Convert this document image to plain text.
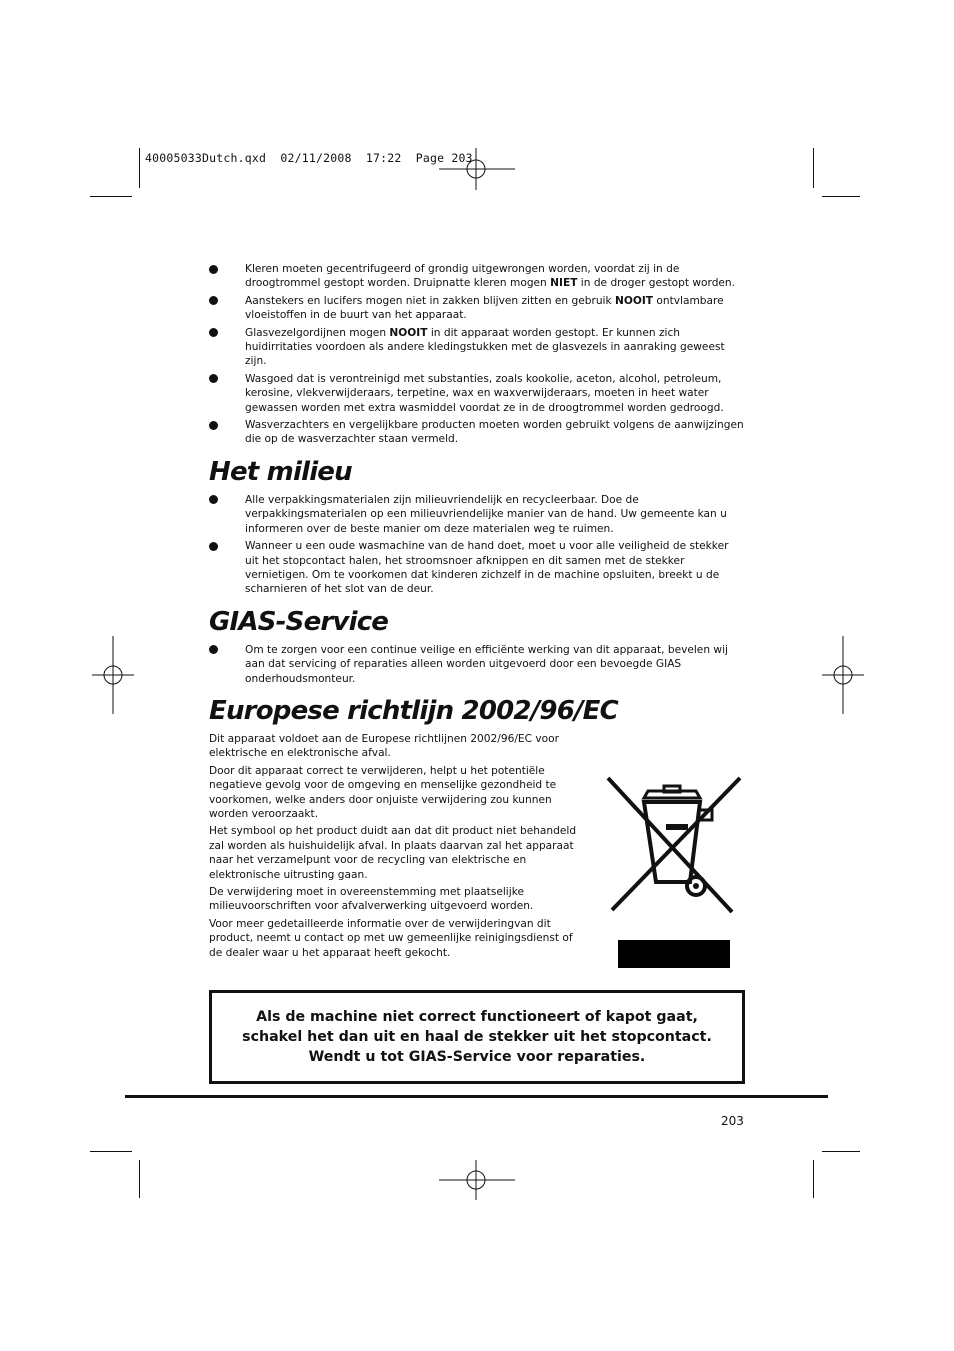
40005033Dutch.qxd  02/11/2008  17:22  Page 203
Kleren moeten gecentrifugeerd of grondig uitgewrongen worden, voordat zij in de droogtrommel gestopt worden. Druipnatte kleren mogen NIET in de droger gestopt worden.
Aanstekers en lucifers mogen niet in zakken blijven zitten en gebruik NOOIT ontvlambare vloeistoffen in de buurt van het apparaat.
Glasvezelgordijnen mogen NOOIT in dit apparaat worden gestopt. Er kunnen zich huidirritaties voordoen als andere kledingstukken met de glasvezels in aanraking geweest zijn.
Wasgoed dat is verontreinigd met substanties, zoals kookolie, aceton, alcohol, petroleum, kerosine, vlekverwijderaars, terpetine, wax en waxverwijderaars, moeten in heet water gewassen worden met extra wasmiddel voordat ze in de droogtrommel worden gedroogd.
Wasverzachters en vergelijkbare producten moeten worden gebruikt volgens de aanwijzingen die op de wasverzachter staan vermeld.
Het milieu
Alle verpakkingsmaterialen zijn milieuvriendelijk en recycleerbaar. Doe de verpakkingsmaterialen op een milieuvriendelijke manier van de hand. Uw gemeente kan u informeren over de beste manier om deze materialen weg te ruimen.
Wanneer u een oude wasmachine van de hand doet, moet u voor alle veiligheid de stekker uit het stopcontact halen, het stroomsnoer afknippen en dit samen met de stekker vernietigen. Om te voorkomen dat kinderen zichzelf in de machine opsluiten, breekt u de scharnieren of het slot van de deur.
GIAS-Service
Om te zorgen voor een continue veilige en efficiënte werking van dit apparaat, bevelen wij aan dat servicing of reparaties alleen worden uitgevoerd door een bevoegde GIAS onderhoudsmonteur.
Europese richtlijn 2002/96/EC

Dit apparaat voldoet aan de Europese richtlijnen 2002/96/EC voor elektrische en elektronische afval.

Door dit apparaat correct te verwijderen, helpt u het potentiële negatieve gevolg voor de omgeving en menselijke gezondheid te voorkomen, welke anders door onjuiste verwijdering zou kunnen worden veroorzaakt.

Het symbool op het product duidt aan dat dit product niet behandeld zal worden als huishuidelijk afval. In plaats daarvan zal het apparaat naar het verzamelpunt voor de recycling van elektrische en elektronische uitrusting gaan.

De verwijdering moet in overeenstemming met plaatselijke milieuvoorschriften voor afvalverwerking uitgevoerd worden.

Voor meer gedetailleerde informatie over de verwijderingvan dit product, neemt u contact op met uw gemeenlijke reinigingsdienst of de dealer waar u het apparaat heeft gekocht.

Als de machine niet correct functioneert of kapot gaat, schakel het dan uit en haal de stekker uit het stopcontact. Wendt u tot GIAS-Service voor reparaties.
203
